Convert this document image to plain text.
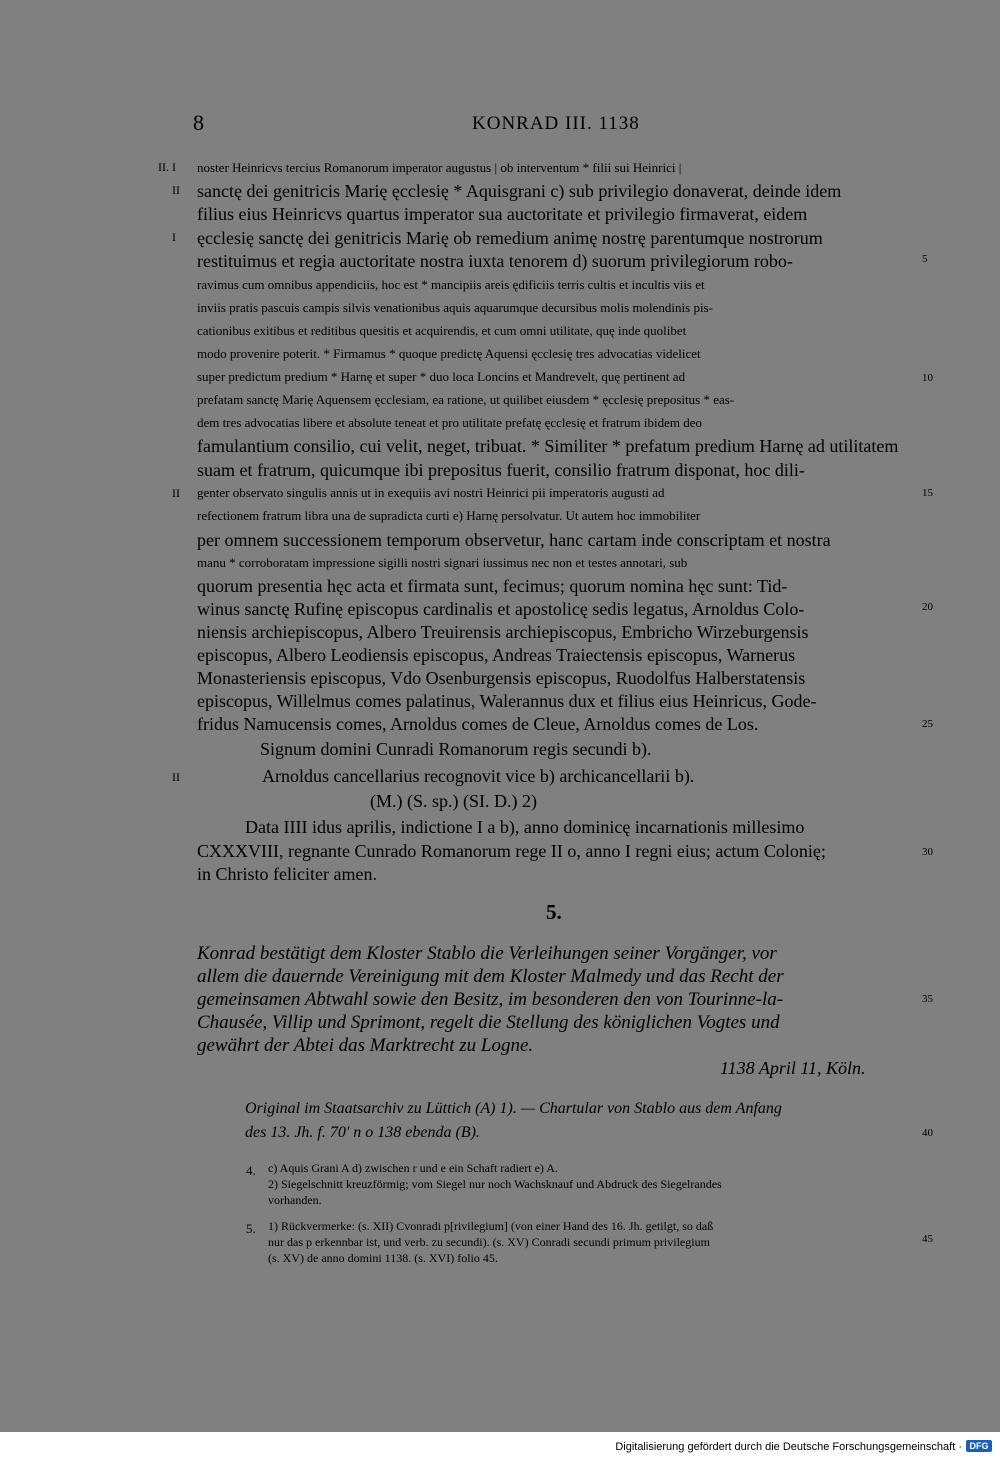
8	KONRAD III. 1138
noster Heinricvs tercius Romanorum imperator augustus | ob interventum * filii sui Heinrici |
sanctę dei genitricis Marię ęcclesię * Aquisgrani c) sub privilegio donaverat, deinde idem
filius eius Heinricvs quartus imperator sua auctoritate et privilegio firmaverat, eidem
ęcclesię sanctę dei genitricis Marię ob remedium animę nostrę parentumque nostrorum
restituimus et regia auctoritate nostra iuxta tenorem d) suorum privilegiorum robo-
ravimus cum omnibus appendiciis, hoc est * mancipiis areis ędificiis terris cultis et incultis viis et
inviis pratis pascuis campis silvis venationibus aquis aquarumque decursibus molis molendinis pis-
cationibus exitibus et reditibus quesitis et acquirendis, et cum omni utilitate, quę inde quolibet
modo provenire poterit. * Firmamus * quoque predictę Aquensi ęcclesię tres advocatias videlicet
super predictum predium * Harnę et super * duo loca Loncins et Mandrevelt, quę pertinent ad
prefatam sanctę Marię Aquensem ęcclesiam, ea ratione, ut quilibet eiusdem * ęcclesię prepositus * eas-
dem tres advocatias libere et absolute teneat et pro utilitate prefatę ęcclesię et fratrum ibidem deo
famulantium consilio, cui velit, neget, tribuat. * Similiter * prefatum predium Harnę ad utilitatem
suam et fratrum, quicumque ibi prepositus fuerit, consilio fratrum disponat, hoc dili-
genter observato singulis annis ut in exequiis avi nostri Heinrici pii imperatoris augusti ad
refectionem fratrum libra una de supradicta curti e) Harnę persolvatur. Ut autem hoc immobiliter
per omnem successionem temporum observetur, hanc cartam inde conscriptam et nostra
manu * corroboratam impressione sigilli nostri signari iussimus nec non et testes annotari, sub
quorum presentia hęc acta et firmata sunt, fecimus; quorum nomina hęc sunt: Tid-
winus sanctę Rufinę episcopus cardinalis et apostolicę sedis legatus, Arnoldus Colo-
niensis archiepiscopus, Albero Treuirensis archiepiscopus, Embricho Wirzeburgensis
episcopus, Albero Leodiensis episcopus, Andreas Traiectensis episcopus, Warnerus
Monasteriensis episcopus, Vdo Osenburgensis episcopus, Ruodolfus Halberstatensis
episcopus, Willelmus comes palatinus, Walerannus dux et filius eius Heinricus, Gode-
fridus Namucensis comes, Arnoldus comes de Cleue, Arnoldus comes de Los.
Signum domini Cunradi Romanorum regis secundi b).
Arnoldus cancellarius recognovit vice b) archicancellarii b).
(M.) (S. sp.) (SI. D.) 2)
Data IIII idus aprilis, indictione I a b), anno dominicę incarnationis millesimo
CXXXVIII, regnante Cunrado Romanorum rege II o, anno I regni eius; actum Colonię;
in Christo feliciter amen.
II. I
II
I
II
II
5
10
15
20
25
30
35
40
45
5.
Konrad bestätigt dem Kloster Stablo die Verleihungen seiner Vorgänger, vor
allem die dauernde Vereinigung mit dem Kloster Malmedy und das Recht der
gemeinsamen Abtwahl sowie den Besitz, im besonderen den von Tourinne-la-
Chausée, Villip und Sprimont, regelt die Stellung des königlichen Vogtes und
gewährt der Abtei das Marktrecht zu Logne.
1138 April 11, Köln.
Original im Staatsarchiv zu Lüttich (A) 1). — Chartular von Stablo aus dem Anfang
des 13. Jh. f. 70' n o 138 ebenda (B).
4.	c) Aquis Grani A d) zwischen r und e ein Schaft radiert e) A.
2) Siegelschnitt kreuzförmig; vom Siegel nur noch Wachsknauf und Abdruck des Siegelrandes
vorhanden.
5.	1) Rückvermerke: (s. XII) Cvonradi p[rivilegium] (von einer Hand des 16. Jh. getilgt, so daß
nur das p erkennbar ist, und verb. zu secundi). (s. XV) Conradi secundi primum privilegium
(s. XV) de anno domini 1138. (s. XVI) folio 45.
Digitalisierung gefördert durch die Deutsche Forschungsgemeinschaft · DFG
